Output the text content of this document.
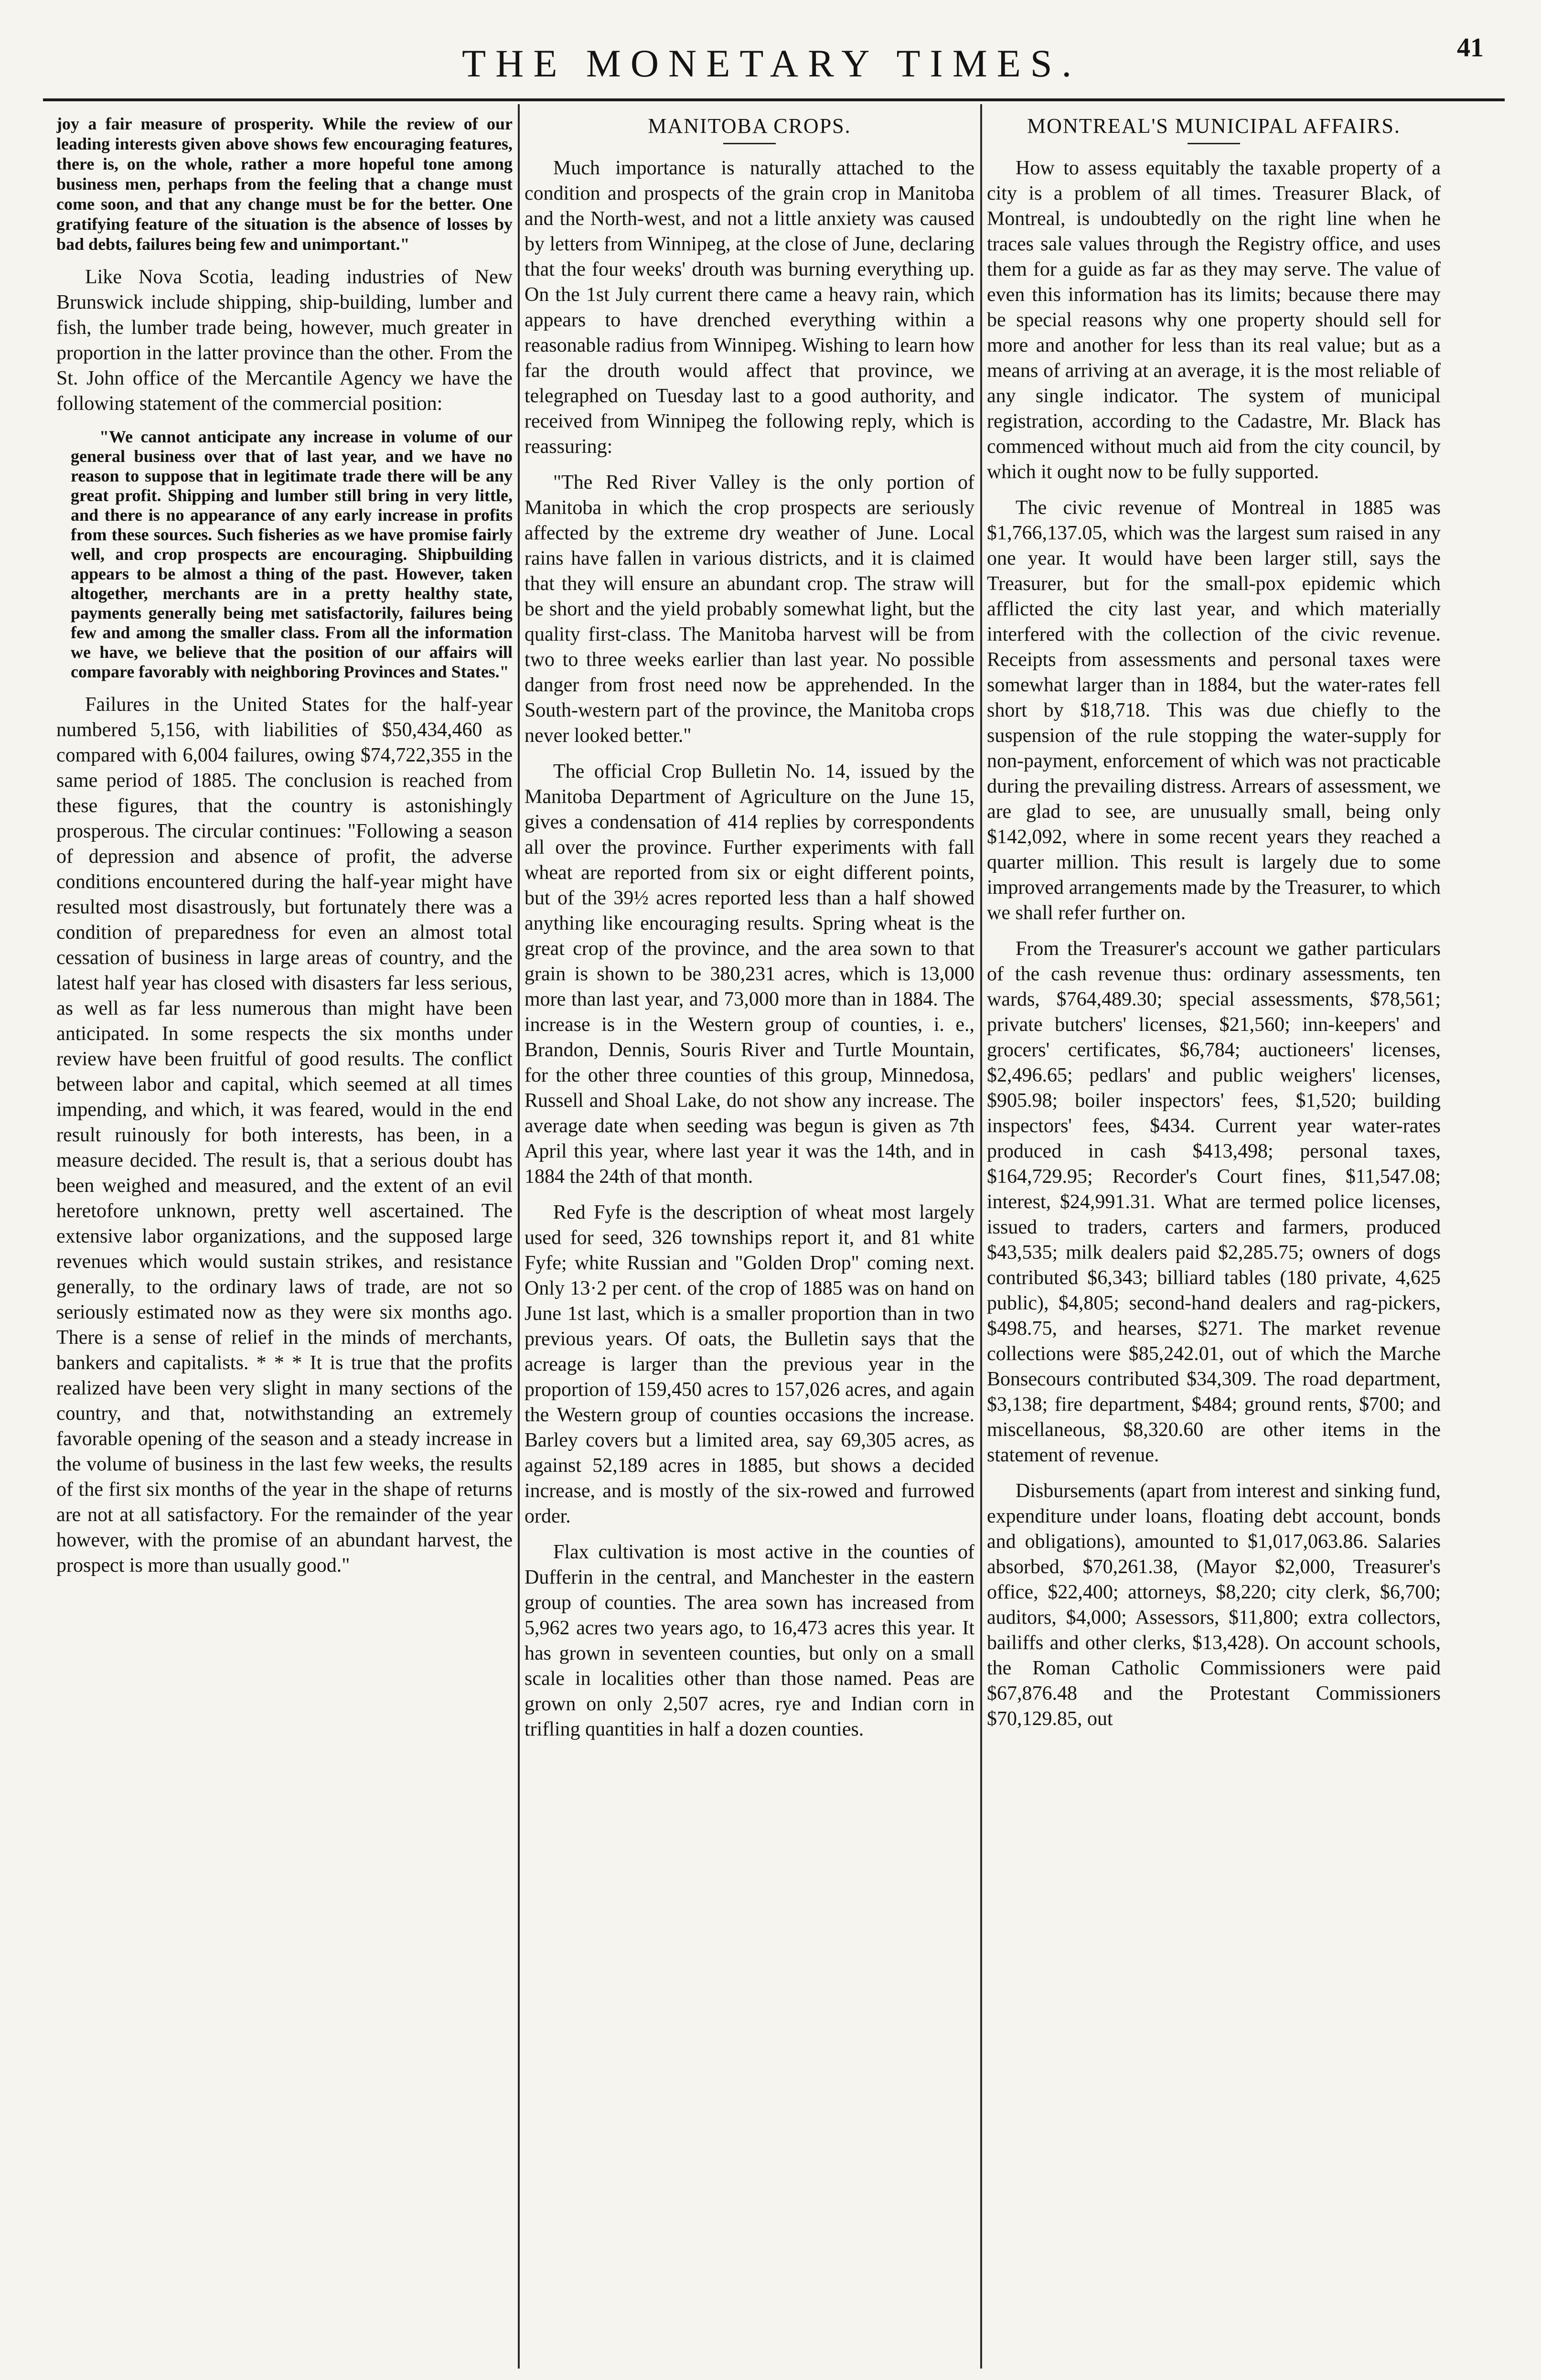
THE MONETARY TIMES.	41

joy a fair measure of prosperity. While the review of our leading interests given above shows few encouraging features, there is, on the whole, rather a more hopeful tone among business men, perhaps from the feeling that a change must come soon, and that any change must be for the better. One gratifying feature of the situation is the absence of losses by bad debts, failures being few and unimportant."

Like Nova Scotia, leading industries of New Brunswick include shipping, ship-building, lumber and fish, the lumber trade being, however, much greater in proportion in the latter province than the other. From the St. John office of the Mercantile Agency we have the following statement of the commercial position:

"We cannot anticipate any increase in volume of our general business over that of last year, and we have no reason to suppose that in legitimate trade there will be any great profit. Shipping and lumber still bring in very little, and there is no appearance of any early increase in profits from these sources. Such fisheries as we have promise fairly well, and crop prospects are encouraging. Shipbuilding appears to be almost a thing of the past. However, taken altogether, merchants are in a pretty healthy state, payments generally being met satisfactorily, failures being few and among the smaller class. From all the information we have, we believe that the position of our affairs will compare favorably with neighboring Provinces and States."

Failures in the United States for the half-year numbered 5,156, with liabilities of $50,434,460 as compared with 6,004 failures, owing $74,722,355 in the same period of 1885. The conclusion is reached from these figures, that the country is astonishingly prosperous. The circular continues: "Following a season of depression and absence of profit, the adverse conditions encountered during the half-year might have resulted most disastrously, but fortunately there was a condition of preparedness for even an almost total cessation of business in large areas of country, and the latest half year has closed with disasters far less serious, as well as far less numerous than might have been anticipated. In some respects the six months under review have been fruitful of good results. The conflict between labor and capital, which seemed at all times impending, and which, it was feared, would in the end result ruinously for both interests, has been, in a measure decided. The result is, that a serious doubt has been weighed and measured, and the extent of an evil heretofore unknown, pretty well ascertained. The extensive labor organizations, and the supposed large revenues which would sustain strikes, and resistance generally, to the ordinary laws of trade, are not so seriously estimated now as they were six months ago. There is a sense of relief in the minds of merchants, bankers and capitalists. * * * It is true that the profits realized have been very slight in many sections of the country, and that, notwithstanding an extremely favorable opening of the season and a steady increase in the volume of business in the last few weeks, the results of the first six months of the year in the shape of returns are not at all satisfactory. For the remainder of the year however, with the promise of an abundant harvest, the prospect is more than usually good."

MANITOBA CROPS.

Much importance is naturally attached to the condition and prospects of the grain crop in Manitoba and the North-west, and not a little anxiety was caused by letters from Winnipeg, at the close of June, declaring that the four weeks' drouth was burning everything up. On the 1st July current there came a heavy rain, which appears to have drenched everything within a reasonable radius from Winnipeg. Wishing to learn how far the drouth would affect that province, we telegraphed on Tuesday last to a good authority, and received from Winnipeg the following reply, which is reassuring:

"The Red River Valley is the only portion of Manitoba in which the crop prospects are seriously affected by the extreme dry weather of June. Local rains have fallen in various districts, and it is claimed that they will ensure an abundant crop. The straw will be short and the yield probably somewhat light, but the quality first-class. The Manitoba harvest will be from two to three weeks earlier than last year. No possible danger from frost need now be apprehended. In the South-western part of the province, the Manitoba crops never looked better."

The official Crop Bulletin No. 14, issued by the Manitoba Department of Agriculture on the June 15, gives a condensation of 414 replies by correspondents all over the province. Further experiments with fall wheat are reported from six or eight different points, but of the 39½ acres reported less than a half showed anything like encouraging results. Spring wheat is the great crop of the province, and the area sown to that grain is shown to be 380,231 acres, which is 13,000 more than last year, and 73,000 more than in 1884. The increase is in the Western group of counties, i. e., Brandon, Dennis, Souris River and Turtle Mountain, for the other three counties of this group, Minnedosa, Russell and Shoal Lake, do not show any increase. The average date when seeding was begun is given as 7th April this year, where last year it was the 14th, and in 1884 the 24th of that month.

Red Fyfe is the description of wheat most largely used for seed, 326 townships report it, and 81 white Fyfe; white Russian and "Golden Drop" coming next. Only 13·2 per cent. of the crop of 1885 was on hand on June 1st last, which is a smaller proportion than in two previous years. Of oats, the Bulletin says that the acreage is larger than the previous year in the proportion of 159,450 acres to 157,026 acres, and again the Western group of counties occasions the increase. Barley covers but a limited area, say 69,305 acres, as against 52,189 acres in 1885, but shows a decided increase, and is mostly of the six-rowed and furrowed order.

Flax cultivation is most active in the counties of Dufferin in the central, and Manchester in the eastern group of counties. The area sown has increased from 5,962 acres two years ago, to 16,473 acres this year. It has grown in seventeen counties, but only on a small scale in localities other than those named. Peas are grown on only 2,507 acres, rye and Indian corn in trifling quantities in half a dozen counties.

MONTREAL'S MUNICIPAL AFFAIRS.

How to assess equitably the taxable property of a city is a problem of all times. Treasurer Black, of Montreal, is undoubtedly on the right line when he traces sale values through the Registry office, and uses them for a guide as far as they may serve. The value of even this information has its limits; because there may be special reasons why one property should sell for more and another for less than its real value; but as a means of arriving at an average, it is the most reliable of any single indicator. The system of municipal registration, according to the Cadastre, Mr. Black has commenced without much aid from the city council, by which it ought now to be fully supported.

The civic revenue of Montreal in 1885 was $1,766,137.05, which was the largest sum raised in any one year. It would have been larger still, says the Treasurer, but for the small-pox epidemic which afflicted the city last year, and which materially interfered with the collection of the civic revenue. Receipts from assessments and personal taxes were somewhat larger than in 1884, but the water-rates fell short by $18,718. This was due chiefly to the suspension of the rule stopping the water-supply for non-payment, enforcement of which was not practicable during the prevailing distress. Arrears of assessment, we are glad to see, are unusually small, being only $142,092, where in some recent years they reached a quarter million. This result is largely due to some improved arrangements made by the Treasurer, to which we shall refer further on.

From the Treasurer's account we gather particulars of the cash revenue thus: ordinary assessments, ten wards, $764,489.30; special assessments, $78,561; private butchers' licenses, $21,560; inn-keepers' and grocers' certificates, $6,784; auctioneers' licenses, $2,496.65; pedlars' and public weighers' licenses, $905.98; boiler inspectors' fees, $1,520; building inspectors' fees, $434. Current year water-rates produced in cash $413,498; personal taxes, $164,729.95; Recorder's Court fines, $11,547.08; interest, $24,991.31. What are termed police licenses, issued to traders, carters and farmers, produced $43,535; milk dealers paid $2,285.75; owners of dogs contributed $6,343; billiard tables (180 private, 4,625 public), $4,805; second-hand dealers and rag-pickers, $498.75, and hearses, $271. The market revenue collections were $85,242.01, out of which the Marche Bonsecours contributed $34,309. The road department, $3,138; fire department, $484; ground rents, $700; and miscellaneous, $8,320.60 are other items in the statement of revenue.

Disbursements (apart from interest and sinking fund, expenditure under loans, floating debt account, bonds and obligations), amounted to $1,017,063.86. Salaries absorbed, $70,261.38, (Mayor $2,000, Treasurer's office, $22,400; attorneys, $8,220; city clerk, $6,700; auditors, $4,000; Assessors, $11,800; extra collectors, bailiffs and other clerks, $13,428). On account schools, the Roman Catholic Commissioners were paid $67,876.48 and the Protestant Commissioners $70,129.85, out
